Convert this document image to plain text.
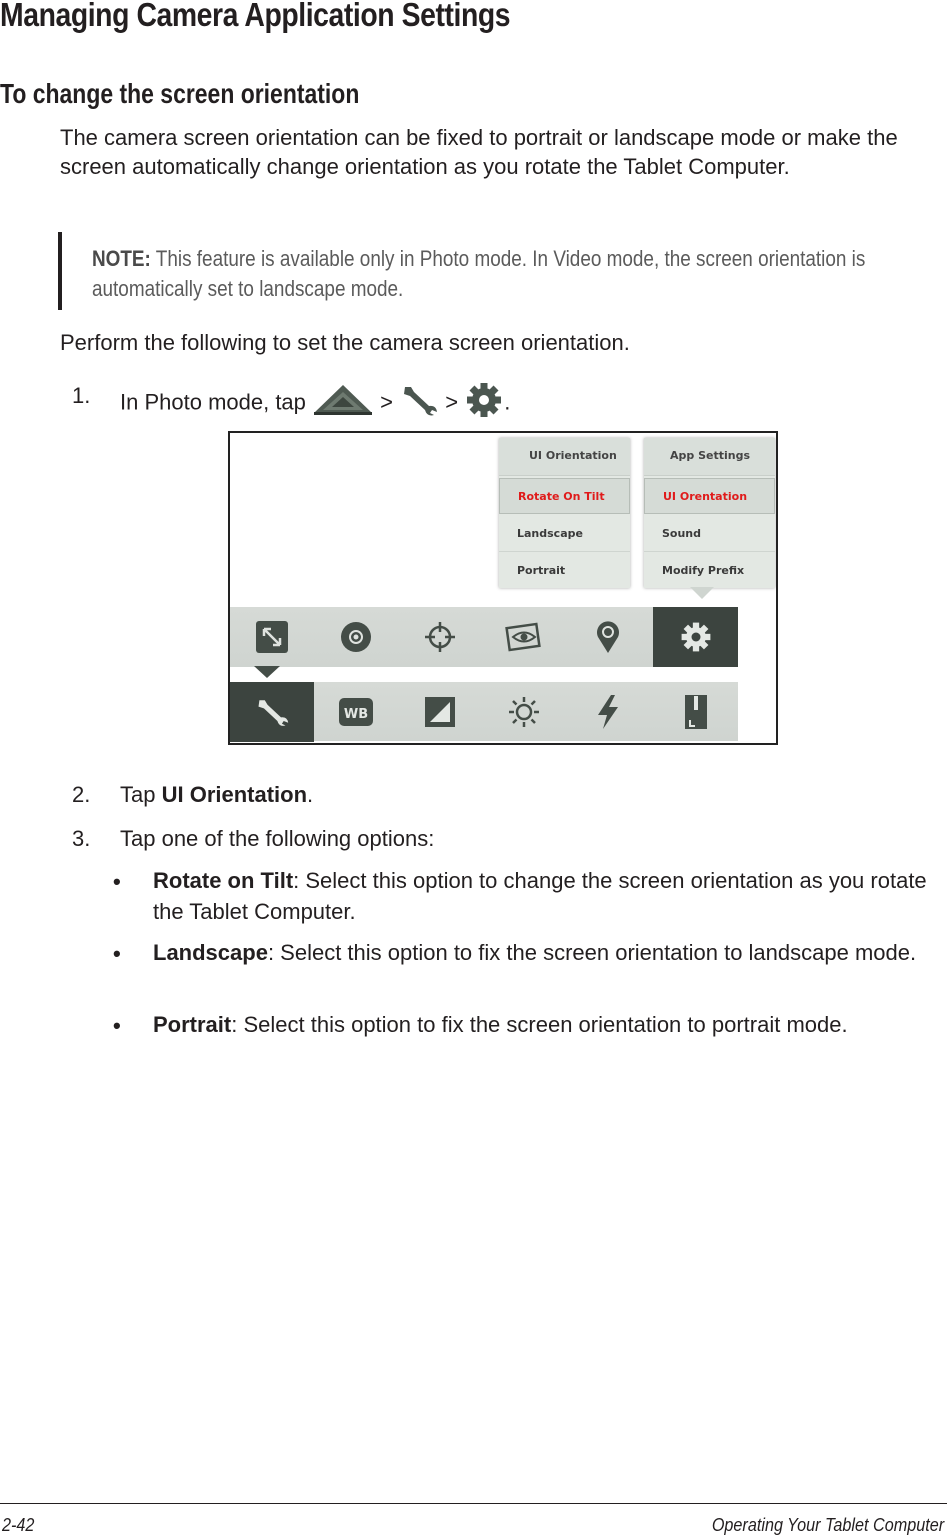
Managing Camera Application Settings
To change the screen orientation
The camera screen orientation can be fixed to portrait or landscape mode or make the screen automatically change orientation as you rotate the Tablet Computer.
NOTE: This feature is available only in Photo mode. In Video mode, the screen orientation is automatically set to landscape mode.
Perform the following to set the camera screen orientation.
1. In Photo mode, tap	>  > .
UI Orientation
Rotate On Tilt
Landscape
Portrait
App Settings
UI Orentation
Sound
Modify Prefix
WB
2. Tap UI Orientation.
3. Tap one of the following options:
• Rotate on Tilt: Select this option to change the screen orientation as you rotate the Tablet Computer.
• Landscape: Select this option to fix the screen orientation to landscape mode.
• Portrait: Select this option to fix the screen orientation to portrait mode.
2-42	Operating Your Tablet Computer
